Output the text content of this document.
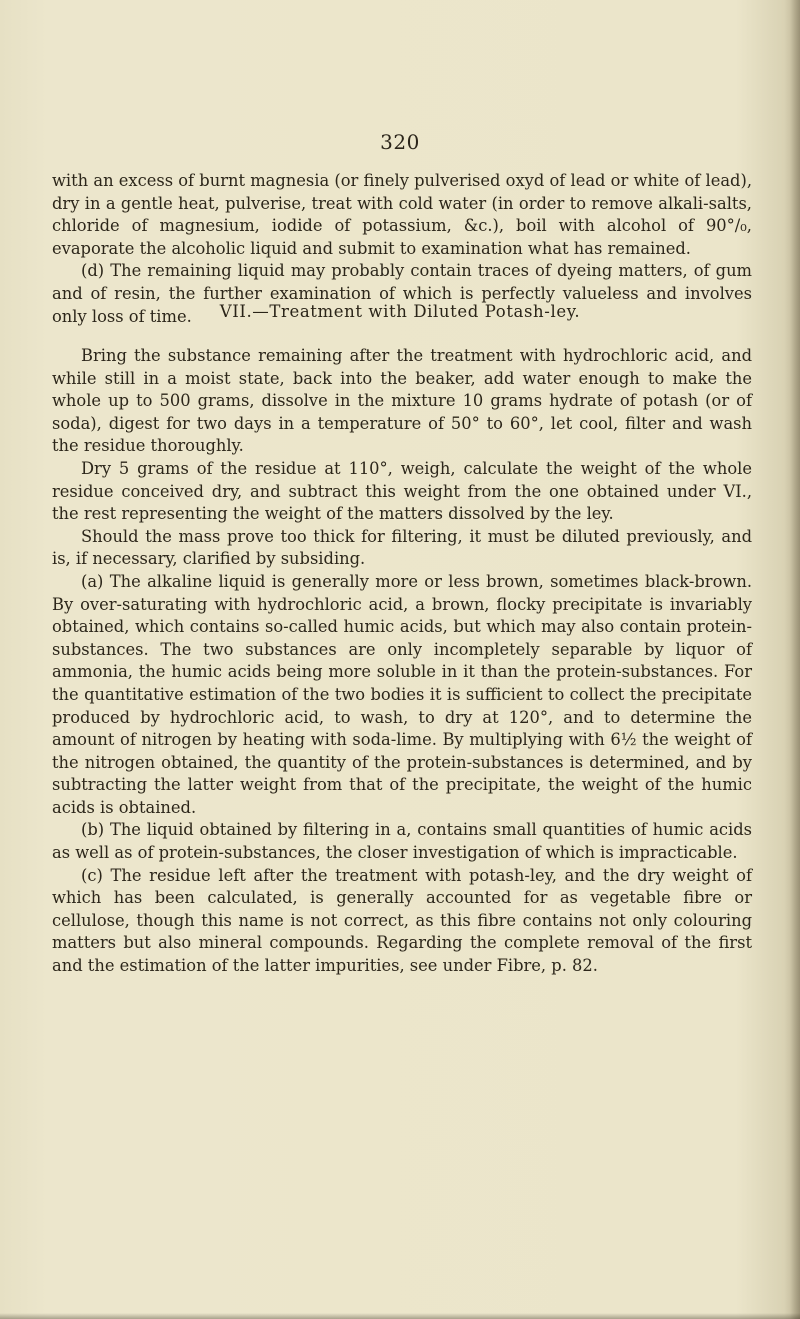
320

with an excess of burnt magnesia (or finely pulverised oxyd of lead or white of lead), dry in a gentle heat, pulverise, treat with cold water (in order to remove alkali-salts, chloride of magnesium, iodide of potassium, &c.), boil with alcohol of 90°/₀, evaporate the alcoholic liquid and submit to examination what has remained.

(d) The remaining liquid may probably contain traces of dyeing matters, of gum and of resin, the further examination of which is perfectly valueless and involves only loss of time.	VII.—Treatment with Diluted Potash-ley.

Bring the substance remaining after the treatment with hydrochloric acid, and while still in a moist state, back into the beaker, add water enough to make the whole up to 500 grams, dissolve in the mixture 10 grams hydrate of potash (or of soda), digest for two days in a temperature of 50° to 60°, let cool, filter and wash the residue thoroughly.

Dry 5 grams of the residue at 110°, weigh, calculate the weight of the whole residue conceived dry, and subtract this weight from the one obtained under VI., the rest representing the weight of the matters dissolved by the ley.

Should the mass prove too thick for filtering, it must be diluted previously, and is, if necessary, clarified by subsiding.

(a) The alkaline liquid is generally more or less brown, sometimes black-brown. By over-saturating with hydrochloric acid, a brown, flocky precipitate is invariably obtained, which contains so-called humic acids, but which may also contain protein-substances. The two substances are only incompletely separable by liquor of ammonia, the humic acids being more soluble in it than the protein-substances. For the quantitative estimation of the two bodies it is sufficient to collect the precipitate produced by hydrochloric acid, to wash, to dry at 120°, and to determine the amount of nitrogen by heating with soda-lime. By multiplying with 6½ the weight of the nitrogen obtained, the quantity of the protein-substances is determined, and by subtracting the latter weight from that of the precipitate, the weight of the humic acids is obtained.

(b) The liquid obtained by filtering in a, contains small quantities of humic acids as well as of protein-substances, the closer investigation of which is impracticable.

(c) The residue left after the treatment with potash-ley, and the dry weight of which has been calculated, is generally accounted for as vegetable fibre or cellulose, though this name is not correct, as this fibre contains not only colouring matters but also mineral compounds. Regarding the complete removal of the first and the estimation of the latter impurities, see under Fibre, p. 82.
